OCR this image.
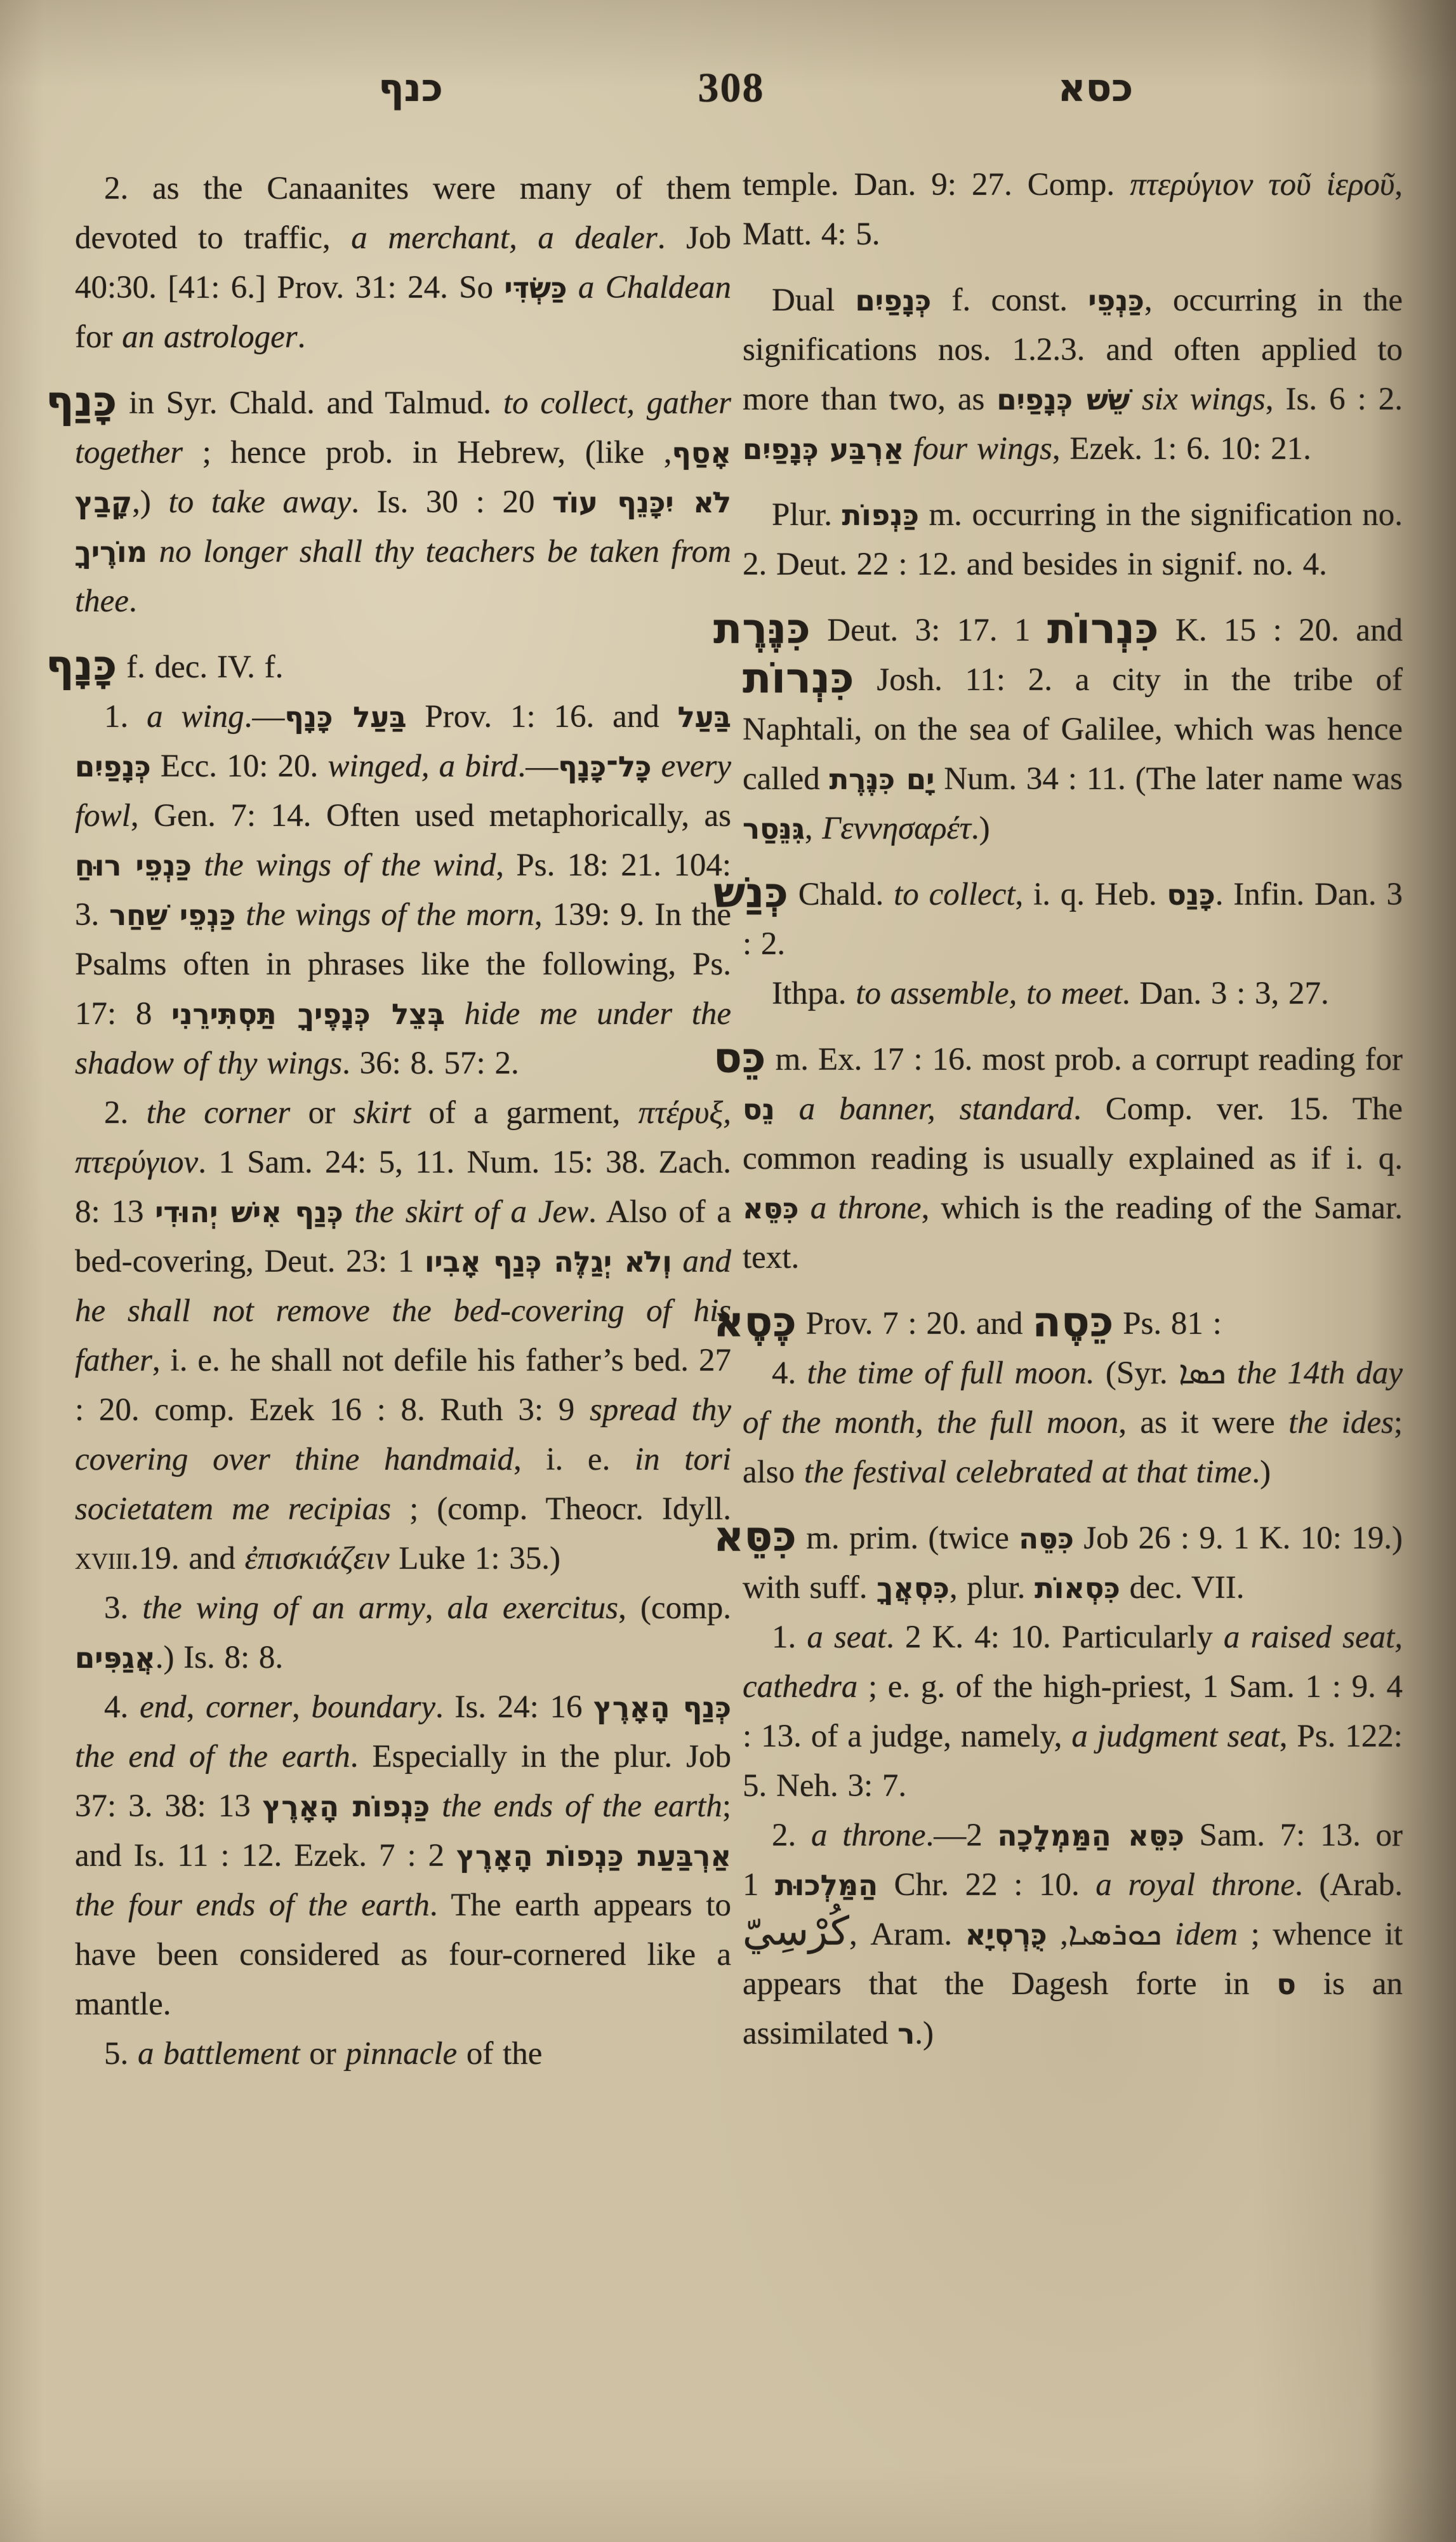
כנף	308	כסא

2. as the Canaanites were many of them devoted to traffic, a merchant, a dealer. Job 40:30. [41: 6.] Prov. 31: 24. So כַּשְׂדִּי a Chaldean for an astrologer.

כָּנַף in Syr. Chald. and Talmud. to collect, gather together ; hence prob. in Hebrew, (like אָסַף, קָבַץ,) to take away. Is. 30 : 20 לֹא יִכָּנֵף עוֹד מוֹרֶיךָ no longer shall thy teachers be taken from thee.

כָּנָף f. dec. IV. f.

1. a wing.—בַּעַל כָּנָף Prov. 1: 16. and בַּעַל כְּנָפַיִם Ecc. 10: 20. winged, a bird.—כָּל־כָּנָף every fowl, Gen. 7: 14. Often used metaphorically, as כַּנְפֵי רוּחַ the wings of the wind, Ps. 18: 21. 104: 3. כַּנְפֵי שַׁחַר the wings of the morn, 139: 9. In the Psalms often in phrases like the following, Ps. 17: 8 בְּצֵל כְּנָפֶיךָ תַּסְתִּירֵנִי hide me under the shadow of thy wings. 36: 8. 57: 2.

2. the corner or skirt of a garment, πτέρυξ, πτερύγιον. 1 Sam. 24: 5, 11. Num. 15: 38. Zach. 8: 13 כְּנַף אִישׁ יְהוּדִי the skirt of a Jew. Also of a bed-covering, Deut. 23: 1 וְלֹא יְגַלֶּה כְּנַף אָבִיו and he shall not remove the bed-covering of his father, i. e. he shall not defile his father’s bed. 27 : 20. comp. Ezek 16 : 8. Ruth 3: 9 spread thy covering over thine handmaid, i. e. in tori societatem me recipias ; (comp. Theocr. Idyll. xviii.19. and ἐπισκιάζειν Luke 1: 35.)

3. the wing of an army, ala exercitus, (comp. אֲגַפִּים.) Is. 8: 8.

4. end, corner, boundary. Is. 24: 16 כְּנַף הָאָרֶץ the end of the earth. Especially in the plur. Job 37: 3. 38: 13 כַּנְפוֹת הָאָרֶץ the ends of the earth; and Is. 11 : 12. Ezek. 7 : 2 אַרְבַּעַת כַּנְפוֹת הָאָרֶץ the four ends of the earth. The earth appears to have been considered as four-cornered like a mantle.

5. a battlement or pinnacle of the

temple. Dan. 9: 27. Comp. πτερύγιον τοῦ ἱεροῦ, Matt. 4: 5.

Dual כְּנָפַיִם f. const. כַּנְפֵי, occurring in the significations nos. 1.2.3. and often applied to more than two, as שֵׁשׁ כְּנָפַיִם six wings, Is. 6 : 2. אַרְבַּע כְּנָפַיִם four wings, Ezek. 1: 6. 10: 21.

Plur. כַּנְפוֹת m. occurring in the signification no. 2. Deut. 22 : 12. and besides in signif. no. 4.

כִּנֶּרֶת Deut. 3: 17. כִּנְרוֹת 1 K. 15 : 20. and כִּנְרוֹת Josh. 11: 2. a city in the tribe of Naphtali, on the sea of Galilee, which was hence called יָם כִּנֶּרֶת Num. 34 : 11. (The later name was גִּנֵּסַר, Γεννησαρέτ.)

כְּנַשׁ Chald. to collect, i. q. Heb. כָּנַס. Infin. Dan. 3 : 2.

Ithpa. to assemble, to meet. Dan. 3 : 3, 27.

כֵּס m. Ex. 17 : 16. most prob. a corrupt reading for נֵס a banner, standard. Comp. ver. 15. The common reading is usually explained as if i. q. כִּסֵּא a throne, which is the reading of the Samar. text.

כֶּסֶא Prov. 7 : 20. and כֵּסֶה Ps. 81 :

4. the time of full moon. (Syr. ܟܣܐ the 14th day of the month, the full moon, as it were the ides; also the festival celebrated at that time.)

כִּסֵּא m. prim. (twice כִּסֵּה Job 26 : 9. 1 K. 10: 19.) with suff. כִּסְאֲךָ, plur. כִּסְאוֹת dec. VII.

1. a seat. 2 K. 4: 10. Particularly a raised seat, cathedra ; e. g. of the high-priest, 1 Sam. 1 : 9. 4 : 13. of a judge, namely, a judgment seat, Ps. 122: 5. Neh. 3: 7.

2. a throne.— כִּסֵּא הַמַּמְלָכָה 2 Sam. 7: 13. or הַמַּלְכוּת 1 Chr. 22 : 10. a royal throne. (Arab. كُرْسِيّ, Aram.	ܟܘܪܣܝܐ, כֻּרְסְיָא	idem ; whence it appears that the Dagesh forte in ס is an assimilated ר.)
